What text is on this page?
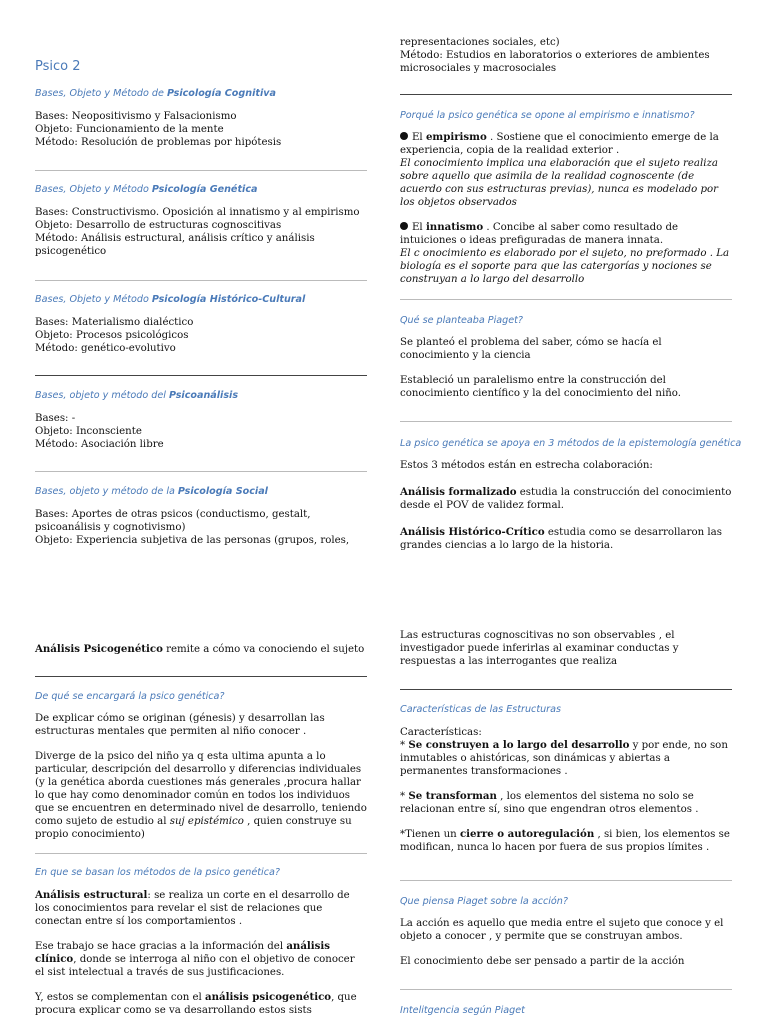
Psico 2
Bases, Objeto y Método de Psicología Cognitiva

Bases: Neopositivismo y Falsacionismo

Objeto: Funcionamiento de la mente

Método: Resolución de problemas por hipótesis

Bases, Objeto y Método Psicología Genética

Bases: Constructivismo. Oposición al innatismo y al empirismo

Objeto: Desarrollo de estructuras cognoscitivas

Método: Análisis estructural, análisis crítico y análisis psicogenético

Bases, Objeto y Método Psicología Histórico-Cultural

Bases: Materialismo dialéctico

Objeto: Procesos psicológicos

Método: genético-evolutivo

Bases, objeto y método del Psicoanálisis

Bases: -

Objeto: Inconsciente

Método: Asociación libre

Bases, objeto y método de la Psicología Social

Bases: Aportes de otras psicos (conductismo, gestalt, psicoanálisis y cognotivismo)

Objeto: Experiencia subjetiva de las personas (grupos, roles,

Análisis Psicogenético remite a cómo va conociendo el sujeto

De qué se encargará la psico genética?

De explicar cómo se originan (génesis) y desarrollan las estructuras mentales que permiten al niño conocer .

Diverge de la psico del niño ya q esta ultima apunta a lo particular, descripción del desarrollo y diferencias individuales (y la genética aborda cuestiones más generales ,procura hallar lo que hay como denominador común en todos los individuos que se encuentren en determinado nivel de desarrollo, teniendo como sujeto de estudio al suj epistémico , quien construye su propio conocimiento)

En que se basan los métodos de la psico genética?

Análisis estructural: se realiza un corte en el desarrollo de los conocimientos para revelar el sist de relaciones que conectan entre sí los comportamientos .

Ese trabajo se hace gracias a la información del análisis clínico, donde se interroga al niño con el objetivo de conocer el sist intelectual a través de sus justificaciones.

Y, estos se complementan con el análisis psicogenético, que procura explicar como se va desarrollando estos sists

representaciones sociales, etc)

Método: Estudios en laboratorios o exteriores de ambientes microsociales y macrosociales

Porqué la psico genética se opone al empirismo e innatismo?

El empirismo . Sostiene que el conocimiento emerge de la experiencia, copia de la realidad exterior .

El conocimiento implica una elaboración que el sujeto realiza sobre aquello que asimila de la realidad cognoscente (de acuerdo con sus estructuras previas), nunca es modelado por los objetos observados

El innatismo . Concibe al saber como resultado de intuiciones o ideas prefiguradas de manera innata.

El c onocimiento es elaborado por el sujeto, no preformado . La biología es el soporte para que las catergorías y nociones se construyan a lo largo del desarrollo

Qué se planteaba Piaget?

Se planteó el problema del saber, cómo se hacía el conocimiento y la ciencia

Estableció un paralelismo entre la construcción del conocimiento científico y la del conocimiento del niño.

La psico genética se apoya en 3 métodos de la epistemología genética

Estos 3 métodos están en estrecha colaboración:

Análisis formalizado estudia la construcción del conocimiento desde el POV de validez formal.

Análisis Histórico-Crítico estudia como se desarrollaron las grandes ciencias a lo largo de la historia.

Las estructuras cognoscitivas no son observables , el investigador puede inferirlas al examinar conductas y respuestas a las interrogantes que realiza
Características de las Estructuras

Características:

* Se construyen a lo largo del desarrollo y por ende, no son inmutables o ahistóricas, son dinámicas y abiertas a permanentes transformaciones .

* Se transforman , los elementos del sistema no solo se relacionan entre sí, sino que engendran otros elementos .

*Tienen un cierre o autoregulación , si bien, los elementos se modifican, nunca lo hacen por fuera de sus propios límites .

Que piensa Piaget sobre la acción?

La acción es aquello que media entre el sujeto que conoce y el objeto a conocer , y permite que se construyan ambos.

El conocimiento debe ser pensado a partir de la acción

Intelitgencia según Piaget
